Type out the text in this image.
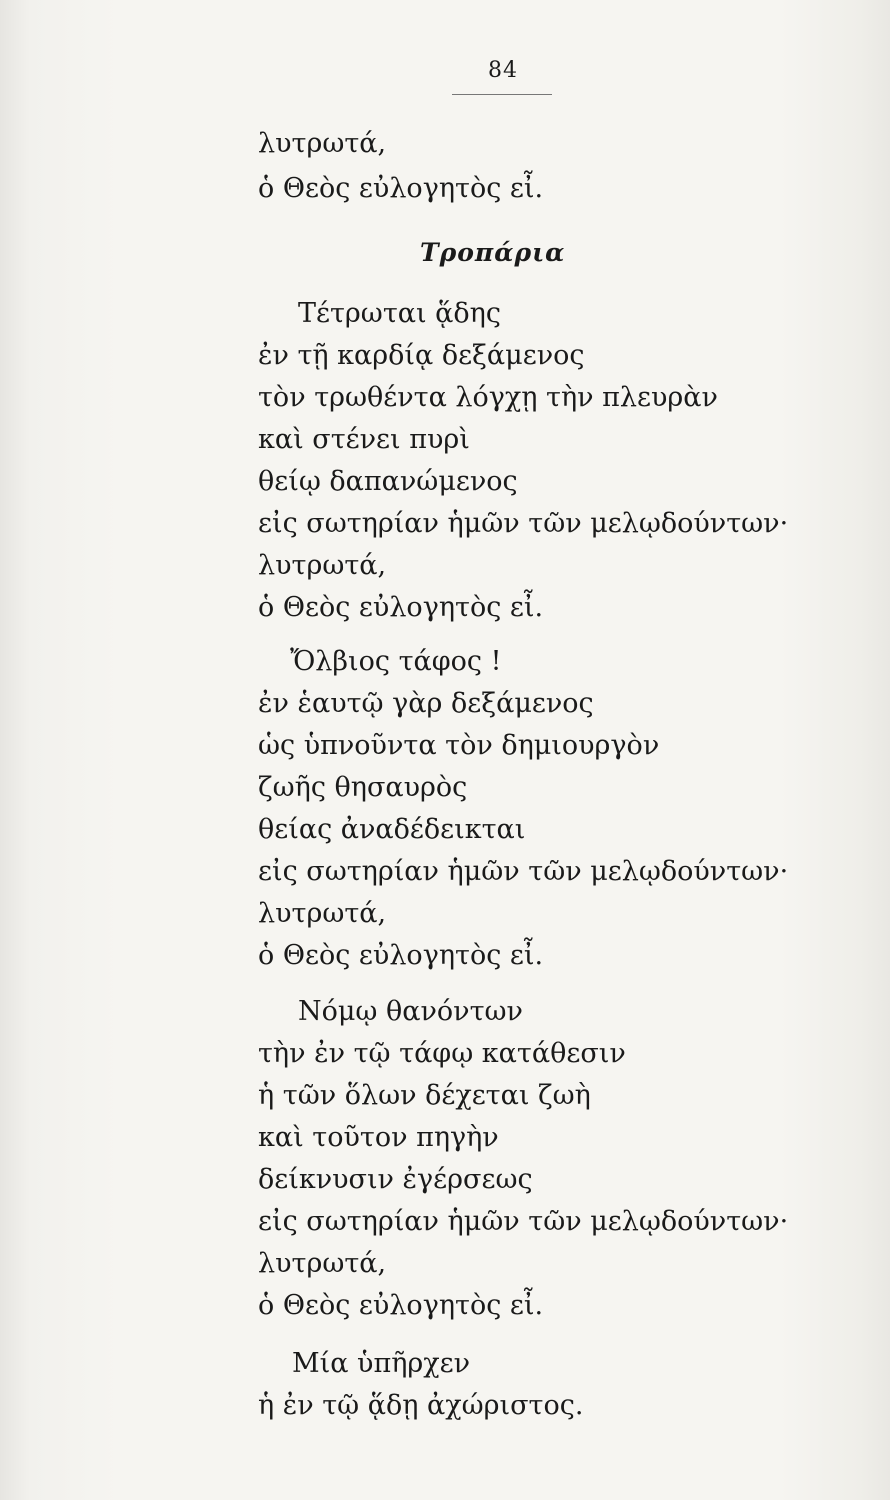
84
Τροπάρια
λυτρωτά,
ὁ Θεὸς εὐλογητὸς εἶ.
Τέτρωται ᾅδης
ἐν τῇ καρδίᾳ δεξάμενος
τὸν τρωθέντα λόγχῃ τὴν πλευρὰν
καὶ στένει πυρὶ
θείῳ δαπανώμενος
εἰς σωτηρίαν ἡμῶν τῶν μελῳδούντων·
λυτρωτά,
ὁ Θεὸς εὐλογητὸς εἶ.
Ὄλβιος τάφος !
ἐν ἑαυτῷ γὰρ δεξάμενος
ὡς ὑπνοῦντα τὸν δημιουργὸν
ζωῆς θησαυρὸς
θείας ἀναδέδεικται
εἰς σωτηρίαν ἡμῶν τῶν μελῳδούντων·
λυτρωτά,
ὁ Θεὸς εὐλογητὸς εἶ.
Νόμῳ θανόντων
τὴν ἐν τῷ τάφῳ κατάθεσιν
ἡ τῶν ὅλων δέχεται ζωὴ
καὶ τοῦτον πηγὴν
δείκνυσιν ἐγέρσεως
εἰς σωτηρίαν ἡμῶν τῶν μελῳδούντων·
λυτρωτά,
ὁ Θεὸς εὐλογητὸς εἶ.
Μία ὑπῆρχεν
ἡ ἐν τῷ ᾅδῃ ἀχώριστος.
